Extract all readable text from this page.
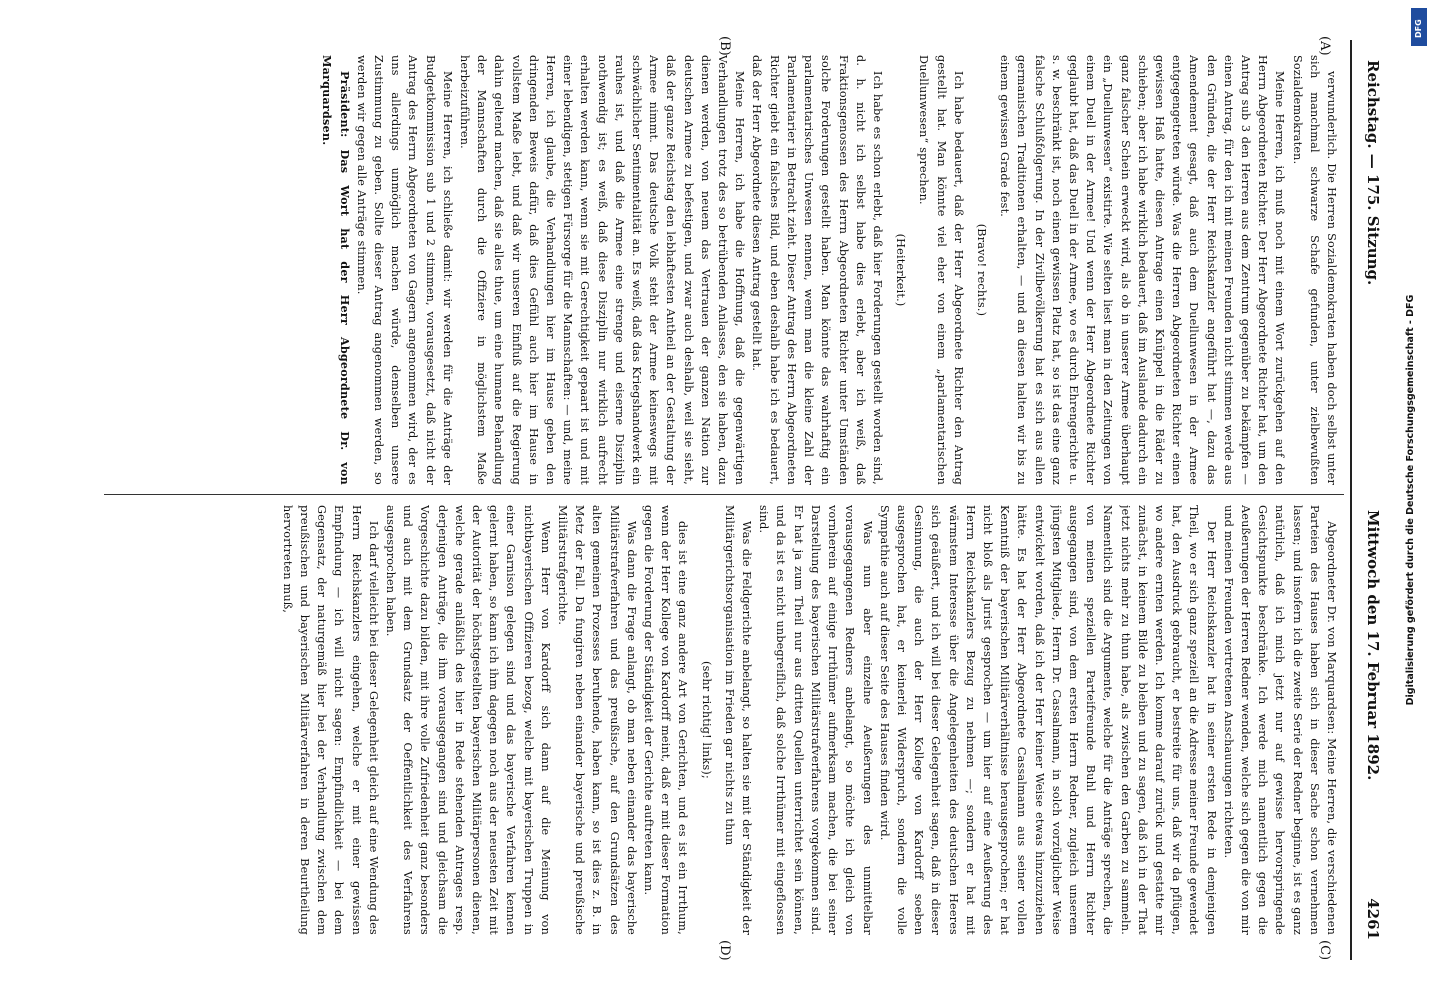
Reichstag. — 175. Sitzung.
Mittwoch den 17. Februar 1892.
4261
(A)
(B)
(C)
(D)

verwunderlich. Die Herren Sozialdemokraten haben doch selbst unter sich manchmal schwarze Schafe gefunden, unter zielbewußten Sozialdemokraten.

Meine Herren, ich muß noch mit einem Wort zurückgehen auf den Herrn Abgeordneten Richter. Der Herr Abgeordnete Richter hat, um den Antrag sub 3 den Herren aus dem Zentrum gegenüber zu bekämpfen — einen Antrag, für den ich mit meinen Freunden nicht stimmen werde aus den Gründen, die der Herr Reichskanzler angeführt hat —, dazu das Amendement gesagt, daß auch dem Duellunwesen in der Armee entgegengetreten würde. Was die Herren Abgeordneten Richter einen gewissen Haß hatte, diesen Antrage einen Knüppel in die Räder zu schieben; aber ich habe wirklich bedauert, daß im Auslande dadurch ein ganz falscher Schein erweckt wird, als ob in unserer Armee überhaupt ein „Duellunwesen“ existirte. Wie selten liest man in den Zeitungen von einem Duell in der Armee! Und wenn der Herr Abgeordnete Richter geglaubt hat, daß das Duell in der Armee, wo es durch Ehrengerichte u. s. w. beschränkt ist, noch einen gewissen Platz hat, so ist das eine ganz falsche Schlußfolgerung. In der Zivilbevölkerung hat es sich aus allen germanischen Traditionen erhalten, — und an diesen halten wir bis zu einem gewissen Grade fest.

(Bravo! rechts.)

Ich habe bedauert, daß der Herr Abgeordnete Richter den Antrag gestellt hat. Man könnte viel eher von einem „parlamentarischen Duellunwesen“ sprechen.

(Heiterkeit.)

Ich habe es schon erlebt, daß hier Forderungen gestellt worden sind, d. h. nicht ich selbst habe dies erlebt, aber ich weiß, daß Fraktionsgenossen des Herrn Abgeordneten Richter unter Umständen solche Forderungen gestellt haben. Man könnte das wahrhaftig ein parlamentarisches Unwesen nennen, wenn man die kleine Zahl der Parlamentarier in Betracht zieht. Dieser Antrag des Herrn Abgeordneten Richter giebt ein falsches Bild, und eben deshalb habe ich es bedauert, daß der Herr Abgeordnete diesen Antrag gestellt hat.

Meine Herren, ich habe die Hoffnung, daß die gegenwärtigen Verhandlungen trotz des so betrübenden Anlasses, den sie haben, dazu dienen werden, von neuem das Vertrauen der ganzen Nation zur deutschen Armee zu befestigen, und zwar auch deshalb, weil sie sieht, daß der ganze Reichstag den lebhaftesten Antheil an der Gestaltung der Armee nimmt. Das deutsche Volk steht der Armee keineswegs mit schwächlicher Sentimentalität an. Es weiß, daß das Kriegshandwerk ein rauhes ist, und daß die Armee eine strenge und eiserne Disziplin nothwendig ist; es weiß, daß diese Disziplin nur wirklich aufrecht erhalten werden kann, wenn sie mit Gerechtigkeit gepaart ist und mit einer lebendigen, stetigen Fürsorge für die Mannschaften: — und, meine Herren, ich glaube, die Verhandlungen hier im Hause geben den dringenden Beweis dafür, daß dies Gefühl auch hier im Hause in vollstem Maße lebt, und daß wir unseren Einfluß auf die Regierung dahin geltend machen, daß sie alles thue, um eine humane Behandlung der Mannschaften durch die Offiziere in möglichstem Maße herbeizuführen.

Meine Herren, ich schließe damit: wir werden für die Anträge der Budgetkommission sub 1 und 2 stimmen, vorausgesetzt, daß nicht der Antrag des Herrn Abgeordneten von Gagern angenommen wird, der es uns allerdings unmöglich machen würde, demselben unsere Zustimmung zu geben. Sollte dieser Antrag angenommen werden, so werden wir gegen alle Anträge stimmen.

Präsident: Das Wort hat der Herr Abgeordnete Dr. von Marquardsen.

Abgeordneter Dr. von Marquardsen: Meine Herren, die verschiedenen Parteien des Hauses haben sich in dieser Sache schon vernehmen lassen; und insofern ich die zweite Serie der Redner beginne, ist es ganz natürlich, daß ich mich jetzt nur auf gewisse hervorspringende Gesichtspunkte beschränke. Ich werde mich namentlich gegen die Aeußerungen der Herren Redner wenden, welche sich gegen die von mir und meinen Freunden vertretenen Anschauungen richteten.

Der Herr Reichskanzler hat in seiner ersten Rede in demjenigen Theil, wo er sich ganz speziell an die Adresse meiner Freunde gewendet hat, den Ausdruck gebraucht, er bestreite für uns, daß wir da pflügen, wo andere ernten werden. Ich komme darauf zurück und gestatte mir zunächst, in keinem Bilde zu bleiben und zu sagen, daß ich in der That jetzt nichts mehr zu thun habe, als zwischen den Garben zu sammeln. Namentlich sind die Argumente, welche für die Anträge sprechen, die von meinen speziellen Parteifreunde Buhl und Herrn Richter ausgegangen sind, von dem ersten Herrn Redner, zugleich unserem jüngsten Mitgliede, Herrn Dr. Cassalmann, in solch vorzüglicher Weise entwickelt worden, daß ich der Herr keiner Weise etwas hinzuzuziehen hätte. Es hat der Herr Abgeordnete Cassalmann aus seiner vollen Kenntniß der bayerischen Militärverhältnisse herausgesprochen; er hat nicht bloß als Jurist gesprochen — um hier auf eine Aeußerung des Herrn Reichskanzlers Bezug zu nehmen —; sondern er hat mit wärmstem Interesse über die Angelegenheiten des deutschen Heeres sich geäußert, und ich will bei dieser Gelegenheit sagen, daß in dieser Gesinnung, die auch der Herr Kollege von Kardorff soeben ausgesprochen hat, er keinerlei Widerspruch, sondern die volle Sympathie auch auf dieser Seite des Hauses finden wird.

Was nun aber einzelne Aeußerungen des unmittelbar vorausgegangenen Redners anbelangt, so möchte ich gleich von vornherein auf einige Irrthümer aufmerksam machen, die bei seiner Darstellung des bayerischen Militärstrafverfahrens vorgekommen sind. Er hat ja zum Theil nur aus dritten Quellen unterrichtet sein können, und da ist es nicht unbegreiflich, daß solche Irrthümer mit eingeflossen sind.

Was die Feldgerichte anbelangt, so halten sie mit der Ständigkeit der Militärgerichtsorganisation im Frieden gar nichts zu thun

(sehr richtig! links);

dies ist eine ganz andere Art von Gerichten, und es ist ein Irrthum, wenn der Herr Kollege von Kardorff meint, daß er mit dieser Formation gegen die Forderung der Ständigkeit der Gerichte auftreten kann.

Was dann die Frage anlangt, ob man neben einander das bayerische Militärstrafverfahren und das preußische, auf den Grundsätzen des alten gemeinen Prozesses beruhende, haben kann, so ist dies z. B. in Metz der Fall. Da fungiren neben einander bayerische und preußische Militärstrafgerichte.

Wenn Herr von Kardorff sich dann auf die Meinung von nichtbayerischen Offizieren bezog, welche mit bayerischen Truppen in einer Garnison gelegen sind und das bayerische Verfahren kennen gelernt haben, so kann ich ihm dagegen noch aus der neuesten Zeit mit der Autorität der höchstgestellten bayerischen Militärpersonen dienen, welche gerade anläßlich des hier in Rede stehenden Antrages resp. derjenigen Anträge, die ihm vorausgegangen sind und gleichsam die Vorgeschichte dazu bilden, mit ihre volle Zufriedenheit ganz besonders und auch mit dem Grundsatz der Oeffentlichkeit des Verfahrens ausgesprochen haben.

Ich darf vielleicht bei dieser Gelegenheit gleich auf eine Wendung des Herrn Reichskanzlers eingehen, welche er mit einer gewissen Empfindung — ich will nicht sagen: Empfindlichkeit — bei dem Gegensatz, der naturgemäß hier bei der Verhandlung zwischen dem preußischen und bayerischen Militärverfahren in deren Beurtheilung hervortreten muß,

DFG
Digitalisierung gefördert durch die Deutsche Forschungsgemeinschaft - DFG
